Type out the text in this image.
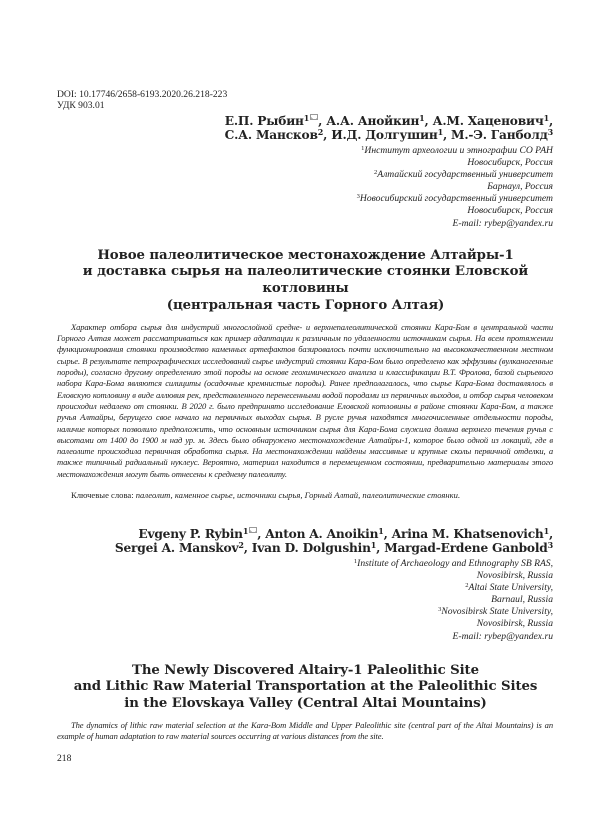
DOI: 10.17746/2658-6193.2020.26.218-223
УДК 903.01
Е.П. Рыбин$^1$ , А.А. Анойкин$^1$, А.М. Хаценович$^1$,
С.А. Мансков$^2$, И.Д. Долгушин$^1$, М.-Э. Ганболд$^3$
$^1$Институт археологии и этнографии СО РАН
Новосибирск, Россия
$^2$Алтайский государственный университет
Барнаул, Россия
$^3$Новосибирский государственный университет
Новосибирск, Россия
E-mail: rybep@yandex.ru
Новое палеолитическое местонахождение Алтайры-1
и доставка сырья на палеолитические стоянки Еловской котловины
(центральная часть Горного Алтая)
Характер отбора сырья для индустрий многослойной средне- и верхнепалеолитической стоянки Кара-Бом в центральной части Горного Алтая может рассматриваться как пример адаптации к различным по удаленности источникам сырья. На всем протяжении функционирования стоянки производство каменных артефактов базировалось почти исключительно на высококачественном местном сырье. В результате петрографических исследований сырье индустрий стоянки Кара-Бом было определено как эффузивы (вулканогенные породы), согласно другому определению этой породы на основе геохимического анализа и классификации В.Т. Фролова, базой сырьевого набора Кара-Бома являются силициты (осадочные кремнистые породы). Ранее предполагалось, что сырье Кара-Бома доставлялось в Еловскую котловину в виде аллювия рек, представленного перенесенными водой породами из первичных выходов, и отбор сырья человеком происходил недалеко от стоянки. В 2020 г. было предпринято исследование Еловской котловины в районе стоянки Кара-Бом, а также ручья Алтайры, берущего свое начало на первичных выходах сырья. В русле ручья находятся многочисленные отдельности породы, наличие которых позволило предположить, что основным источником сырья для Кара-Бома служила долина верхнего течения ручья с высотами от 1400 до 1900 м над ур. м. Здесь было обнаружено местонахождение Алтайры-1, которое было одной из локаций, где в палеолите происходила первичная обработка сырья. На местонахождении найдены массивные и крупные сколы первичной отделки, а также типичный радиальный нуклеус. Вероятно, материал находится в перемещенном состоянии, предварительно материалы этого местонахождения могут быть отнесены к среднему палеолиту.
Ключевые слова: палеолит, каменное сырье, источники сырья, Горный Алтай, палеолитические стоянки.
Evgeny P. Rybin$^1$ , Anton A. Anoikin$^1$, Arina M. Khatsenovich$^1$,
Sergei A. Manskov$^2$, Ivan D. Dolgushin$^1$, Margad-Erdene Ganbold$^3$
$^1$Institute of Archaeology and Ethnography SB RAS,
Novosibirsk, Russia
$^2$Altai State University,
Barnaul, Russia
$^3$Novosibirsk State University,
Novosibirsk, Russia
E-mail: rybep@yandex.ru
The Newly Discovered Altairy-1 Paleolithic Site
and Lithic Raw Material Transportation at the Paleolithic Sites
in the Elovskaya Valley (Central Altai Mountains)
The dynamics of lithic raw material selection at the Kara-Bom Middle and Upper Paleolithic site (central part of the Altai Mountains) is an example of human adaptation to raw material sources occurring at various distances from the site.
218
